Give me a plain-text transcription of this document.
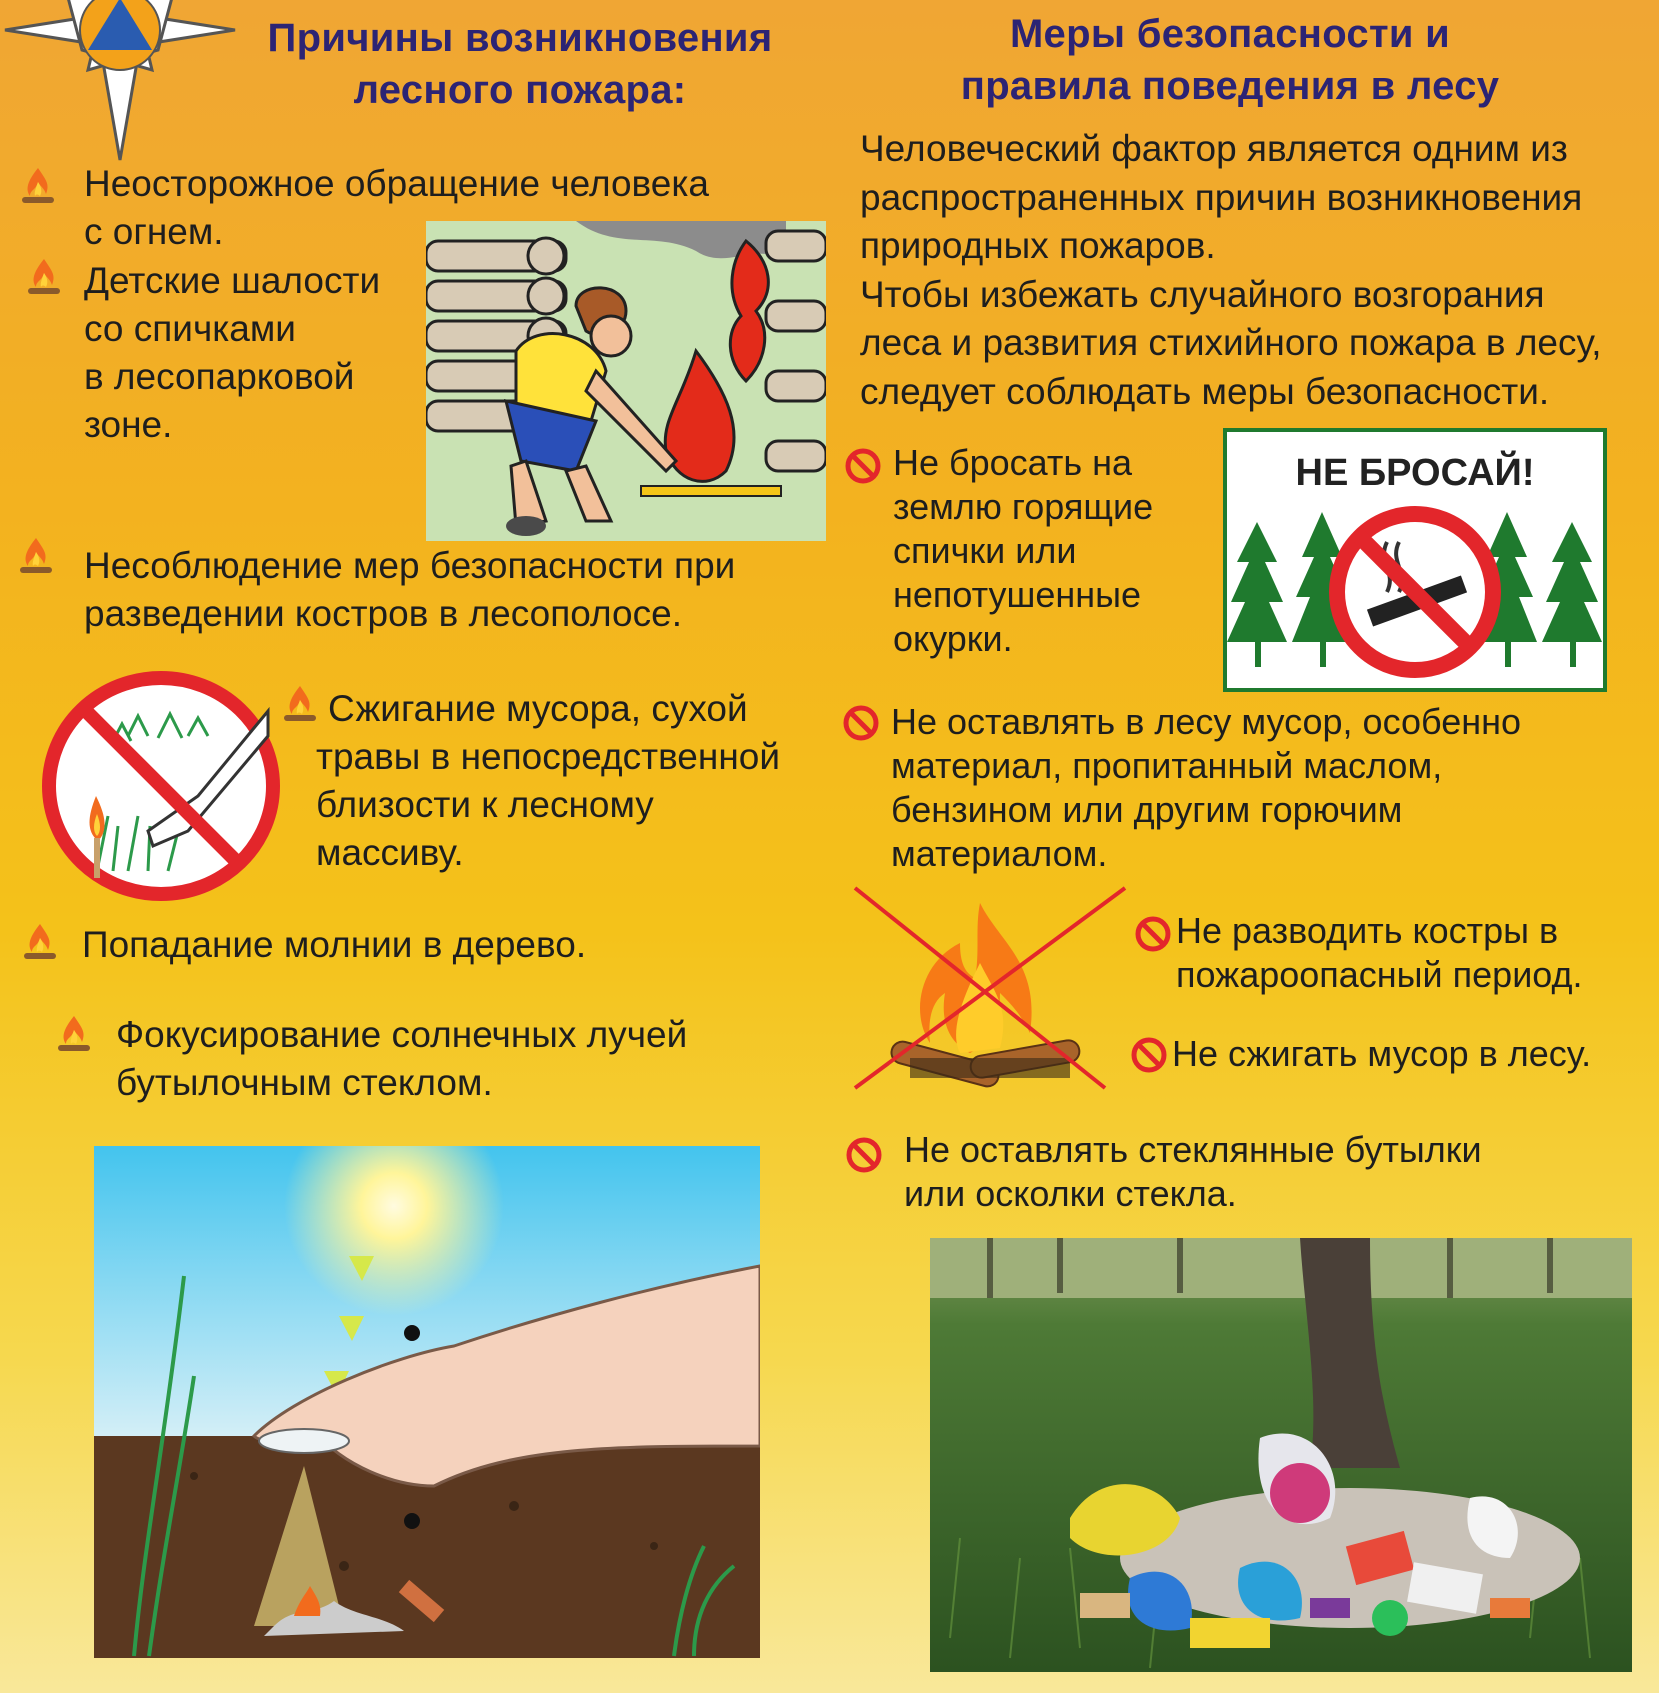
Причины возникновения
лесного пожара:
Меры безопасности и
правила поведения в лесу
Неосторожное обращение человека
с огнем.
Детские шалости
со спичками
в лесопарковой
зоне.
Несоблюдение мер безопасности при
разведении костров в лесополосе.
Сжигание мусора, сухой
травы в непосредственной
близости к лесному
массиву.
Попадание молнии в дерево.
Фокусирование солнечных лучей
бутылочным стеклом.
Человеческий фактор является одним из
распространенных причин возникновения
природных пожаров.
Чтобы избежать случайного возгорания
леса и развития стихийного пожара в лесу,
следует соблюдать меры безопасности.
Не бросать на
землю горящие
спички или
непотушенные
окурки.
НЕ БРОСАЙ!
Не оставлять в лесу мусор, особенно
материал, пропитанный маслом,
бензином или другим горючим
материалом.
Не разводить костры в
пожароопасный период.
Не сжигать мусор в лесу.
Не оставлять стеклянные бутылки
или осколки стекла.
